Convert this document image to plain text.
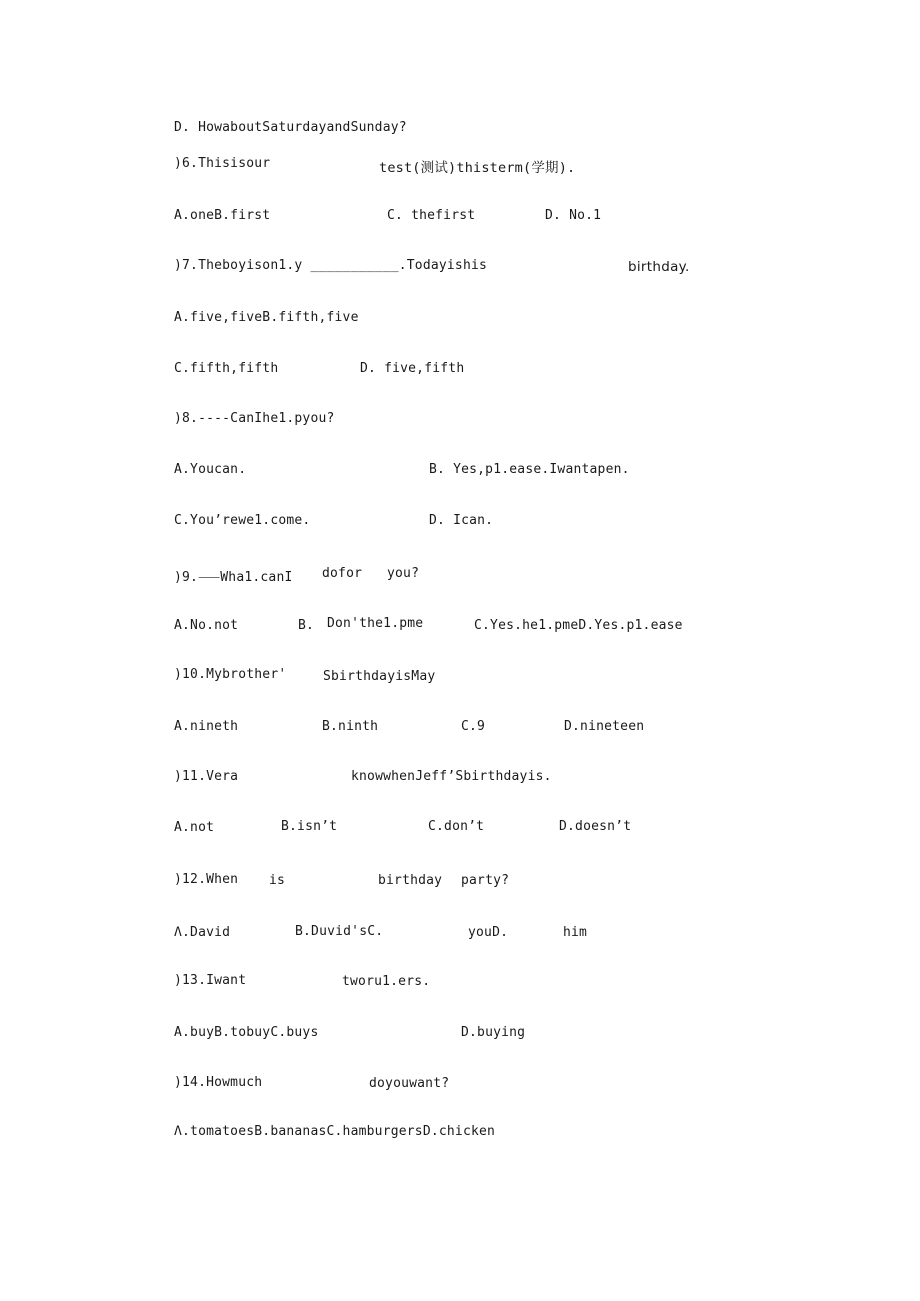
D. HowaboutSaturdayandSunday?
)6.Thisisour	test(测试)thisterm(学期).
A.oneB.first	C. thefirst	D. No.1
)7.Theboyison1.y ___________.Todayishis	birthday.
A.five,fiveB.fifth,five
C.fifth,fifth	D. five,fifth
)8.----CanIhe1.pyou?
A.Youcan.	B. Yes,p1.ease.Iwantapen.
C.You’rewe1.come.	D. Ican.
)9.⸺Wha1.canI dofor you?
A.No.not	B. Don'the1.pme	C.Yes.he1.pmeD.Yes.p1.ease
)10.Mybrother'	SbirthdayisMay
A.nineth	B.ninth	C.9	D.nineteen
)11.Vera	knowwhenJeff’Sbirthdayis.
A.not	B.isn’t	C.don’t	D.doesn’t
)12.When is	birthday party?
Λ.David	B.Duvid'sC.	youD.	him
)13.Iwant	tworu1.ers.
A.buyB.tobuyC.buys	D.buying
)14.Howmuch	doyouwant?
Λ.tomatoesB.bananasC.hamburgersD.chicken
